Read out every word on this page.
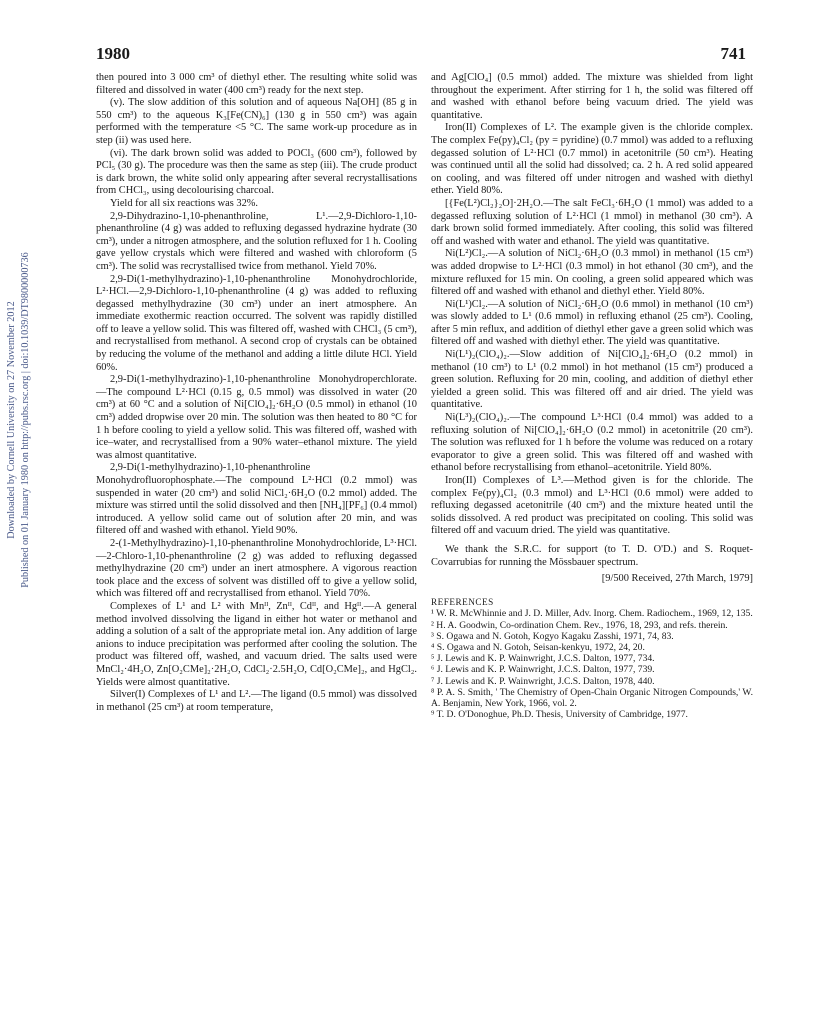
1980	741
Downloaded by Cornell University on 27 November 2012 Published on 01 January 1980 on http://pubs.rsc.org | doi:10.1039/DT9800000736

then poured into 3 000 cm³ of diethyl ether. The resulting white solid was filtered and dissolved in water (400 cm³) ready for the next step.

(v). The slow addition of this solution and of aqueous Na[OH] (85 g in 550 cm³) to the aqueous K₃[Fe(CN)₆] (130 g in 550 cm³) was again performed with the temperature <5 °C. The same work-up procedure as in step (ii) was used here.

(vi). The dark brown solid was added to POCl₃ (600 cm³), followed by PCl₅ (30 g). The procedure was then the same as step (iii). The crude product is dark brown, the white solid only appearing after several recrystallisations from CHCl₃, using decolourising charcoal.

Yield for all six reactions was 32%.

2,9-Dihydrazino-1,10-phenanthroline, L¹.—2,9-Dichloro-1,10-phenanthroline (4 g) was added to refluxing degassed hydrazine hydrate (30 cm³), under a nitrogen atmosphere, and the solution refluxed for 1 h. Cooling gave yellow crystals which were filtered and washed with chloroform (5 cm³). The solid was recrystallised twice from methanol. Yield 70%.

2,9-Di(1-methylhydrazino)-1,10-phenanthroline Monohydrochloride, L²·HCl.—2,9-Dichloro-1,10-phenanthroline (4 g) was added to refluxing degassed methylhydrazine (30 cm³) under an inert atmosphere. An immediate exothermic reaction occurred. The solvent was rapidly distilled off to leave a yellow solid. This was filtered off, washed with CHCl₃ (5 cm³), and recrystallised from methanol. A second crop of crystals can be obtained by reducing the volume of the methanol and adding a little dilute HCl. Yield 60%.

2,9-Di(1-methylhydrazino)-1,10-phenanthroline Monohydroperchlorate.—The compound L²·HCl (0.15 g, 0.5 mmol) was dissolved in water (20 cm³) at 60 °C and a solution of Ni[ClO₄]₂·6H₂O (0.5 mmol) in ethanol (10 cm³) added dropwise over 20 min. The solution was then heated to 80 °C for 1 h before cooling to yield a yellow solid. This was filtered off, washed with ice–water, and recrystallised from a 90% water–ethanol mixture. The yield was almost quantitative.

2,9-Di(1-methylhydrazino)-1,10-phenanthroline Monohydrofluorophosphate.—The compound L²·HCl (0.2 mmol) was suspended in water (20 cm³) and solid NiCl₂·6H₂O (0.2 mmol) added. The mixture was stirred until the solid dissolved and then [NH₄][PF₆] (0.4 mmol) introduced. A yellow solid came out of solution after 20 min, and was filtered off and washed with ethanol. Yield 90%.

2-(1-Methylhydrazino)-1,10-phenanthroline Monohydrochloride, L³·HCl.—2-Chloro-1,10-phenanthroline (2 g) was added to refluxing degassed methylhydrazine (20 cm³) under an inert atmosphere. A vigorous reaction took place and the excess of solvent was distilled off to give a yellow solid, which was filtered off and recrystallised from ethanol. Yield 70%.

Complexes of L¹ and L² with Mnᴵᴵ, Znᴵᴵ, Cdᴵᴵ, and Hgᴵᴵ.—A general method involved dissolving the ligand in either hot water or methanol and adding a solution of a salt of the appropriate metal ion. Any addition of large anions to induce precipitation was performed after cooling the solution. The product was filtered off, washed, and vacuum dried. The salts used were MnCl₂·4H₂O, Zn[O₂CMe]₂·2H₂O, CdCl₂·2.5H₂O, Cd[O₂CMe]₂, and HgCl₂. Yields were almost quantitative.

Silver(I) Complexes of L¹ and L².—The ligand (0.5 mmol) was dissolved in methanol (25 cm³) at room temperature,

and Ag[ClO₄] (0.5 mmol) added. The mixture was shielded from light throughout the experiment. After stirring for 1 h, the solid was filtered off and washed with ethanol before being vacuum dried. The yield was quantitative.

Iron(II) Complexes of L². The example given is the chloride complex. The complex Fe(py)₄Cl₂ (py = pyridine) (0.7 mmol) was added to a refluxing degassed solution of L²·HCl (0.7 mmol) in acetonitrile (50 cm³). Heating was continued until all the solid had dissolved; ca. 2 h. A red solid appeared on cooling, and was filtered off under nitrogen and washed with diethyl ether. Yield 80%.

[{Fe(L²)Cl₂}₂O]·2H₂O.—The salt FeCl₃·6H₂O (1 mmol) was added to a degassed refluxing solution of L²·HCl (1 mmol) in methanol (30 cm³). A dark brown solid formed immediately. After cooling, this solid was filtered off and washed with water and ethanol. The yield was quantitative.

Ni(L²)Cl₂.—A solution of NiCl₂·6H₂O (0.3 mmol) in methanol (15 cm³) was added dropwise to L²·HCl (0.3 mmol) in hot ethanol (30 cm³), and the mixture refluxed for 15 min. On cooling, a green solid appeared which was filtered off and washed with ethanol and diethyl ether. Yield 80%.

Ni(L¹)Cl₂.—A solution of NiCl₂·6H₂O (0.6 mmol) in methanol (10 cm³) was slowly added to L¹ (0.6 mmol) in refluxing ethanol (25 cm³). Cooling, after 5 min reflux, and addition of diethyl ether gave a green solid which was filtered off and washed with diethyl ether. The yield was quantitative.

Ni(L¹)₂(ClO₄)₂.—Slow addition of Ni[ClO₄]₂·6H₂O (0.2 mmol) in methanol (10 cm³) to L¹ (0.2 mmol) in hot methanol (15 cm³) produced a green solution. Refluxing for 20 min, cooling, and addition of diethyl ether yielded a green solid. This was filtered off and air dried. The yield was quantitative.

Ni(L³)₂(ClO₄)₂.—The compound L³·HCl (0.4 mmol) was added to a refluxing solution of Ni[ClO₄]₂·6H₂O (0.2 mmol) in acetonitrile (20 cm³). The solution was refluxed for 1 h before the volume was reduced on a rotary evaporator to give a green solid. This was filtered off and washed with ethanol before recrystallising from ethanol–acetonitrile. Yield 80%.

Iron(II) Complexes of L³.—Method given is for the chloride. The complex Fe(py)₄Cl₂ (0.3 mmol) and L³·HCl (0.6 mmol) were added to refluxing degassed acetonitrile (40 cm³) and the mixture heated until the solids dissolved. A red product was precipitated on cooling. This solid was filtered off and vacuum dried. The yield was quantitative.

We thank the S.R.C. for support (to T. D. O'D.) and S. Roquet-Covarrubias for running the Mössbauer spectrum.

[9/500 Received, 27th March, 1979]

REFERENCES

¹ W. R. McWhinnie and J. D. Miller, Adv. Inorg. Chem. Radiochem., 1969, 12, 135.

² H. A. Goodwin, Co-ordination Chem. Rev., 1976, 18, 293, and refs. therein.

³ S. Ogawa and N. Gotoh, Kogyo Kagaku Zasshi, 1971, 74, 83.

⁴ S. Ogawa and N. Gotoh, Seisan-kenkyu, 1972, 24, 20.

⁵ J. Lewis and K. P. Wainwright, J.C.S. Dalton, 1977, 734.

⁶ J. Lewis and K. P. Wainwright, J.C.S. Dalton, 1977, 739.

⁷ J. Lewis and K. P. Wainwright, J.C.S. Dalton, 1978, 440.

⁸ P. A. S. Smith, ' The Chemistry of Open-Chain Organic Nitrogen Compounds,' W. A. Benjamin, New York, 1966, vol. 2.

⁹ T. D. O'Donoghue, Ph.D. Thesis, University of Cambridge, 1977.
